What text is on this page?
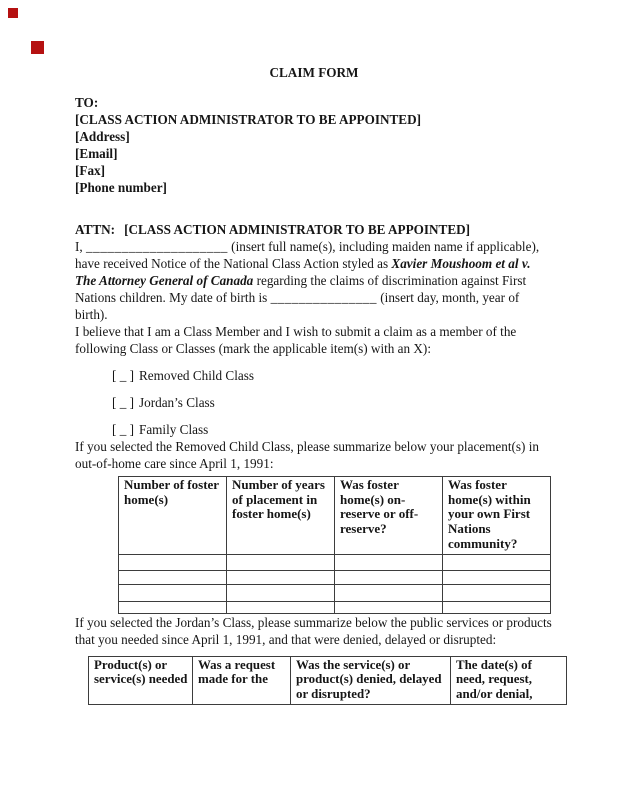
CLAIM FORM
TO:
[CLASS ACTION ADMINISTRATOR TO BE APPOINTED]
[Address]
[Email]
[Fax]
[Phone number]
ATTN: [CLASS ACTION ADMINISTRATOR TO BE APPOINTED]

I, ____________________ (insert full name(s), including maiden name if applicable), have received Notice of the National Class Action styled as Xavier Moushoom et al v. The Attorney General of Canada regarding the claims of discrimination against First Nations children. My date of birth is _______________ (insert day, month, year of birth).

I believe that I am a Class Member and I wish to submit a claim as a member of the following Class or Classes (mark the applicable item(s) with an X):

[ _ ] Removed Child Class
[ _ ] Jordan’s Class
[ _ ] Family Class

If you selected the Removed Child Class, please summarize below your placement(s) in out-of-home care since April 1, 1991:

Number of foster home(s)	Number of years of placement in foster home(s)	Was foster home(s) on-reserve or off-reserve?	Was foster home(s) within your own First Nations community?

If you selected the Jordan’s Class, please summarize below the public services or products that you needed since April 1, 1991, and that were denied, delayed or disrupted:

Product(s) or service(s) needed	Was a request made for the	Was the service(s) or product(s) denied, delayed or disrupted?	The date(s) of need, request, and/or denial,
